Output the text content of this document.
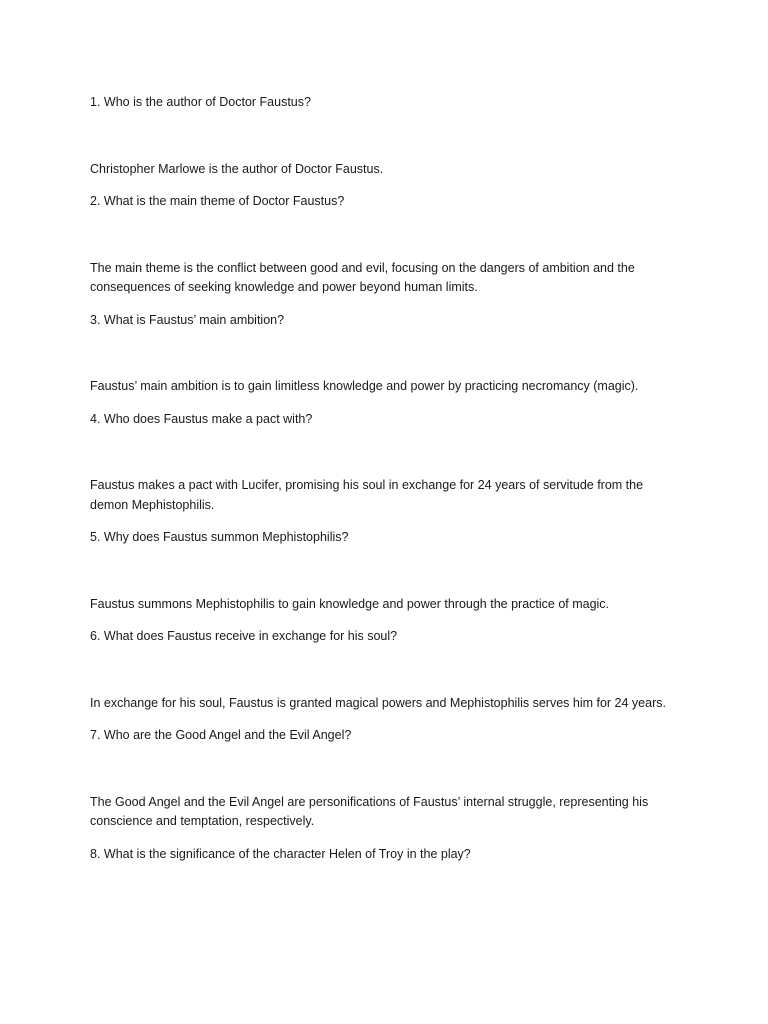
1. Who is the author of Doctor Faustus?

Christopher Marlowe is the author of Doctor Faustus.

2. What is the main theme of Doctor Faustus?

The main theme is the conflict between good and evil, focusing on the dangers of ambition and the consequences of seeking knowledge and power beyond human limits.

3. What is Faustus’ main ambition?

Faustus’ main ambition is to gain limitless knowledge and power by practicing necromancy (magic).

4. Who does Faustus make a pact with?

Faustus makes a pact with Lucifer, promising his soul in exchange for 24 years of servitude from the demon Mephistophilis.

5. Why does Faustus summon Mephistophilis?

Faustus summons Mephistophilis to gain knowledge and power through the practice of magic.

6. What does Faustus receive in exchange for his soul?

In exchange for his soul, Faustus is granted magical powers and Mephistophilis serves him for 24 years.

7. Who are the Good Angel and the Evil Angel?

The Good Angel and the Evil Angel are personifications of Faustus’ internal struggle, representing his conscience and temptation, respectively.

8. What is the significance of the character Helen of Troy in the play?
